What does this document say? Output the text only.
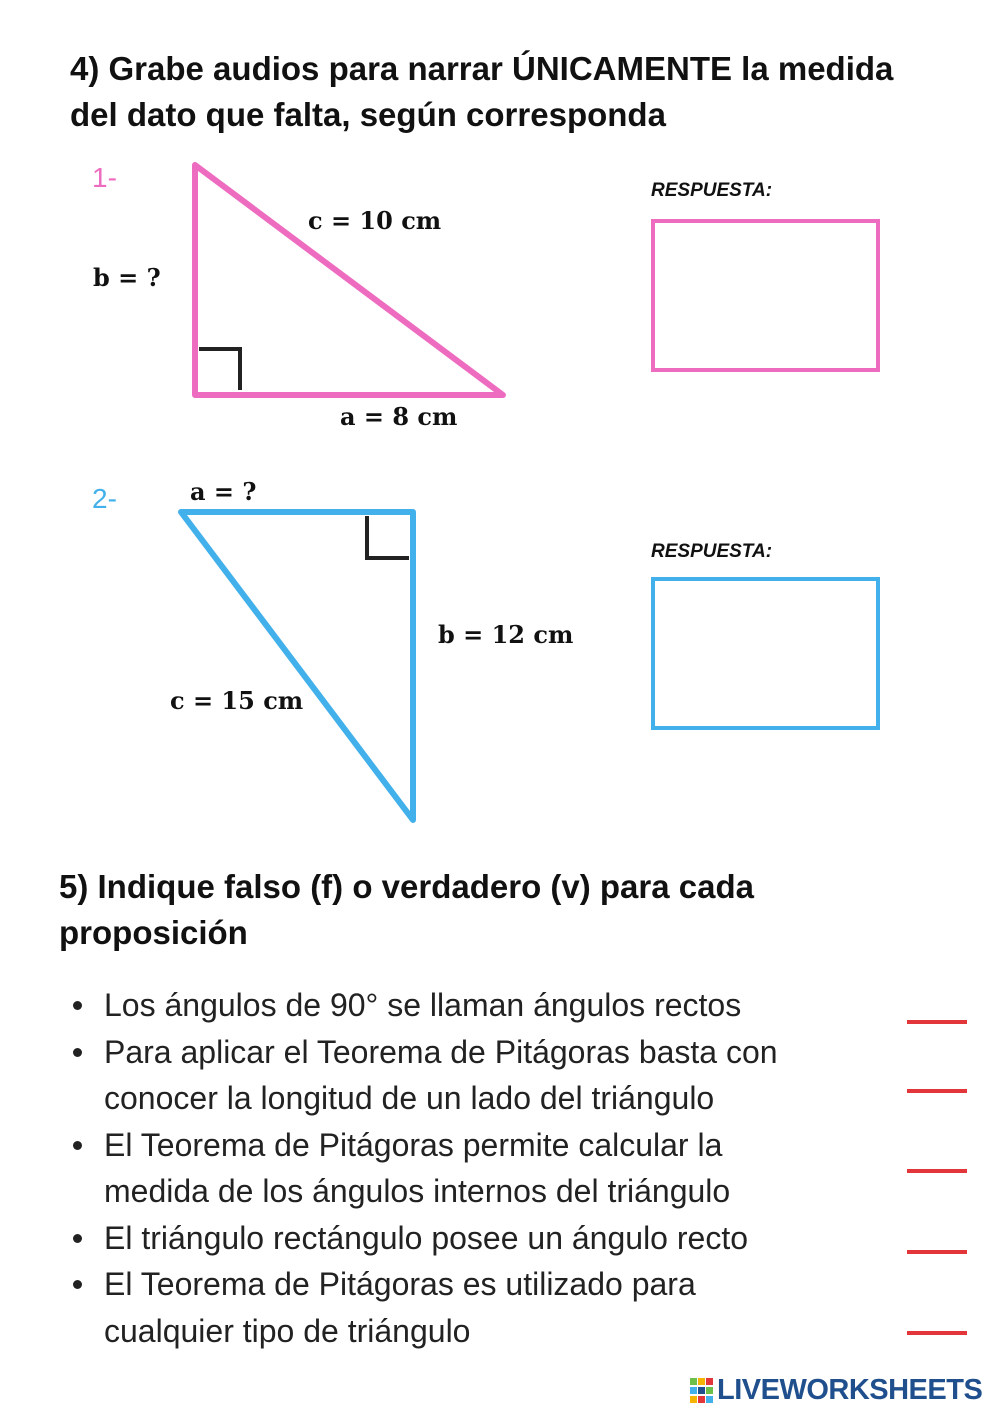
4) Grabe audios para narrar ÚNICAMENTE la medida
del dato que falta, según corresponda
1-
c = 10 cm
b = ?
a = 8 cm
RESPUESTA:
2-	a = ?
b = 12 cm
c = 15 cm
RESPUESTA:
5) Indique falso (f) o verdadero (v) para cada
proposición
Los ángulos de 90° se llaman ángulos rectos
Para aplicar el Teorema de Pitágoras basta con
conocer la longitud de un lado del triángulo
El Teorema de Pitágoras permite calcular la
medida de los ángulos internos del triángulo
El triángulo rectángulo posee un ángulo recto
El Teorema de Pitágoras es utilizado para
cualquier tipo de triángulo
LIVEWORKSHEETS
